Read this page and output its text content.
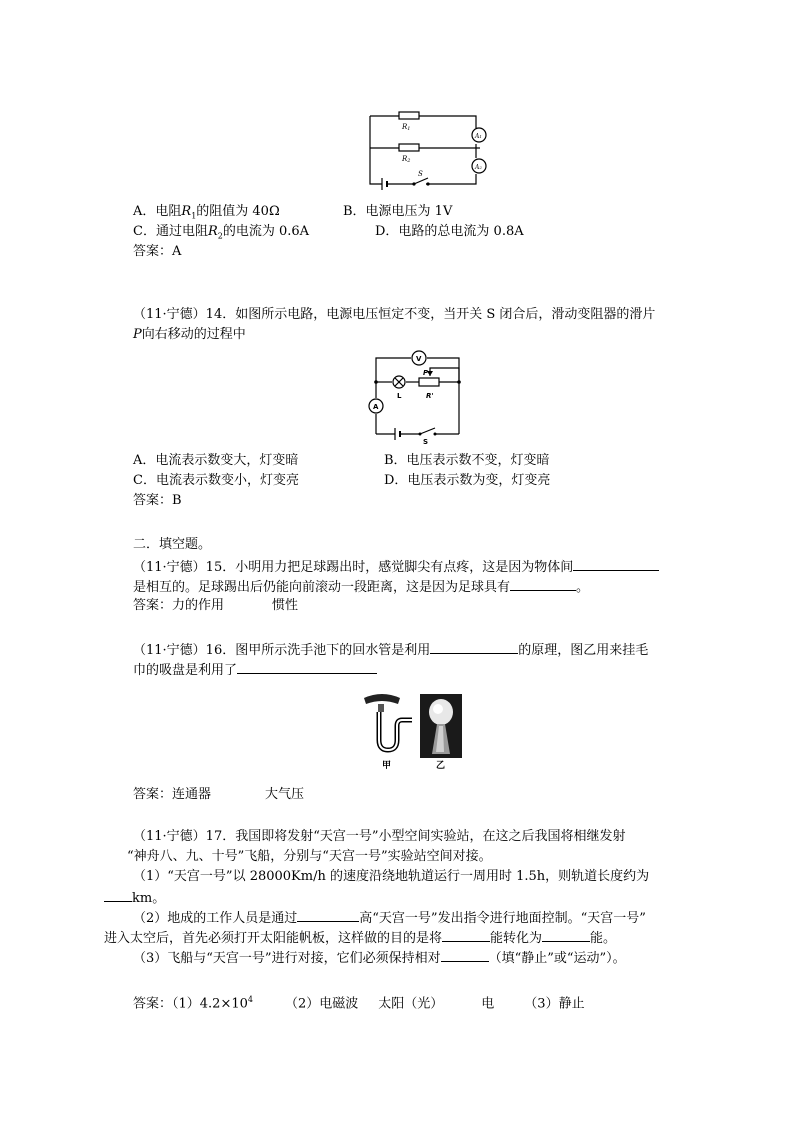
R1
R2
A1
A2
S
A．电阻$R_1$的阻值为 40Ω	B．电源电压为 1V
C．通过电阻$R_2$的电流为 0.6A	D．电路的总电流为 0.8A
答案：A
（11·宁德）14．如图所示电路，电源电压恒定不变，当开关 S 闭合后，滑动变阻器的滑片
P向右移动的过程中
V
P
L	R'
A
S
A．电流表示数变大，灯变暗	B．电压表示数不变，灯变暗
C．电流表示数变小，灯变亮	D．电压表示数为变，灯变亮
答案：B
二．填空题。
（11·宁德）15．小明用力把足球踢出时，感觉脚尖有点疼，这是因为物体间
是相互的。足球踢出后仍能向前滚动一段距离，这是因为足球具有	。
答案：力的作用	惯性
（11·宁德）16．图甲所示洗手池下的回水管是利用	的原理，图乙用来挂毛
巾的吸盘是利用了
甲	乙
答案：连通器	大气压
（11·宁德）17．我国即将发射“天宫一号”小型空间实验站，在这之后我国将相继发射
“神舟八、九、十号”飞船，分别与“天宫一号”实验站空间对接。
（1）“天宫一号”以 28000Km/h 的速度沿绕地轨道运行一周用时 1.5h，则轨道长度约为
km。
（2）地成的工作人员是通过	高“天宫一号”发出指令进行地面控制。“天宫一号”
进入太空后，首先必须打开太阳能帆板，这样做的目的是将	能转化为	能。
（3）飞船与“天宫一号”进行对接，它们必须保持相对	（填“静止”或“运动”）。
答案：$(1)4.2\times 10^4$ （2）电磁波 太阳（光）	电 （3）静止
